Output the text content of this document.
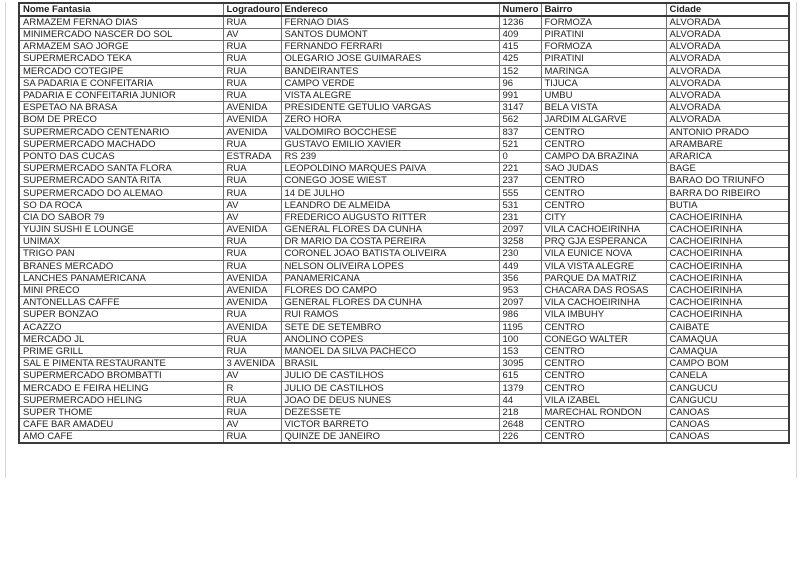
Nome Fantasia	Logradouro	Endereco	Numero	Bairro	Cidade
ARMAZEM FERNAO DIAS	RUA	FERNAO DIAS	1236	FORMOZA	ALVORADA
MINIMERCADO NASCER DO SOL	AV	SANTOS DUMONT	409	PIRATINI	ALVORADA
ARMAZEM SAO JORGE	RUA	FERNANDO FERRARI	415	FORMOZA	ALVORADA
SUPERMERCADO TEKA	RUA	OLEGARIO JOSE GUIMARAES	425	PIRATINI	ALVORADA
MERCADO COTEGIPE	RUA	BANDEIRANTES	152	MARINGA	ALVORADA
SA PADARIA E CONFEITARIA	RUA	CAMPO VERDE	96	TIJUCA	ALVORADA
PADARIA E CONFEITARIA JUNIOR	RUA	VISTA ALEGRE	991	UMBU	ALVORADA
ESPETAO NA BRASA	AVENIDA	PRESIDENTE GETULIO VARGAS	3147	BELA VISTA	ALVORADA
BOM DE PRECO	AVENIDA	ZERO HORA	562	JARDIM ALGARVE	ALVORADA
SUPERMERCADO CENTENARIO	AVENIDA	VALDOMIRO BOCCHESE	837	CENTRO	ANTONIO PRADO
SUPERMERCADO MACHADO	RUA	GUSTAVO EMILIO XAVIER	521	CENTRO	ARAMBARE
PONTO DAS CUCAS	ESTRADA	RS 239	0	CAMPO DA BRAZINA	ARARICA
SUPERMERCADO SANTA FLORA	RUA	LEOPOLDINO MARQUES PAIVA	221	SAO JUDAS	BAGE
SUPERMERCADO SANTA RITA	RUA	CONEGO JOSE WIEST	237	CENTRO	BARAO DO TRIUNFO
SUPERMERCADO DO ALEMAO	RUA	14 DE JULHO	555	CENTRO	BARRA DO RIBEIRO
SO DA ROCA	AV	LEANDRO DE ALMEIDA	531	CENTRO	BUTIA
CIA DO SABOR 79	AV	FREDERICO AUGUSTO RITTER	231	CITY	CACHOEIRINHA
YUJIN SUSHI E LOUNGE	AVENIDA	GENERAL FLORES DA CUNHA	2097	VILA CACHOEIRINHA	CACHOEIRINHA
UNIMAX	RUA	DR MARIO DA COSTA PEREIRA	3258	PRQ GJA ESPERANCA	CACHOEIRINHA
TRIGO PAN	RUA	CORONEL JOAO BATISTA OLIVEIRA	230	VILA EUNICE NOVA	CACHOEIRINHA
BRANES MERCADO	RUA	NELSON OLIVEIRA LOPES	449	VILA VISTA ALEGRE	CACHOEIRINHA
LANCHES PANAMERICANA	AVENIDA	PANAMERICANA	356	PARQUE DA MATRIZ	CACHOEIRINHA
MINI PRECO	AVENIDA	FLORES DO CAMPO	953	CHACARA DAS ROSAS	CACHOEIRINHA
ANTONELLAS CAFFE	AVENIDA	GENERAL FLORES DA CUNHA	2097	VILA CACHOEIRINHA	CACHOEIRINHA
SUPER BONZAO	RUA	RUI RAMOS	986	VILA IMBUHY	CACHOEIRINHA
ACAZZO	AVENIDA	SETE DE SETEMBRO	1195	CENTRO	CAIBATE
MERCADO JL	RUA	ANOLINO COPES	100	CONEGO WALTER	CAMAQUA
PRIME GRILL	RUA	MANOEL DA SILVA PACHECO	153	CENTRO	CAMAQUA
SAL E PIMENTA RESTAURANTE	3 AVENIDA	BRASIL	3095	CENTRO	CAMPO BOM
SUPERMERCADO BROMBATTI	AV	JULIO DE CASTILHOS	615	CENTRO	CANELA
MERCADO E FEIRA HELING	R	JULIO DE CASTILHOS	1379	CENTRO	CANGUCU
SUPERMERCADO HELING	RUA	JOAO DE DEUS NUNES	44	VILA IZABEL	CANGUCU
SUPER THOME	RUA	DEZESSETE	218	MARECHAL RONDON	CANOAS
CAFE BAR AMADEU	AV	VICTOR BARRETO	2648	CENTRO	CANOAS
AMO CAFE	RUA	QUINZE DE JANEIRO	226	CENTRO	CANOAS
